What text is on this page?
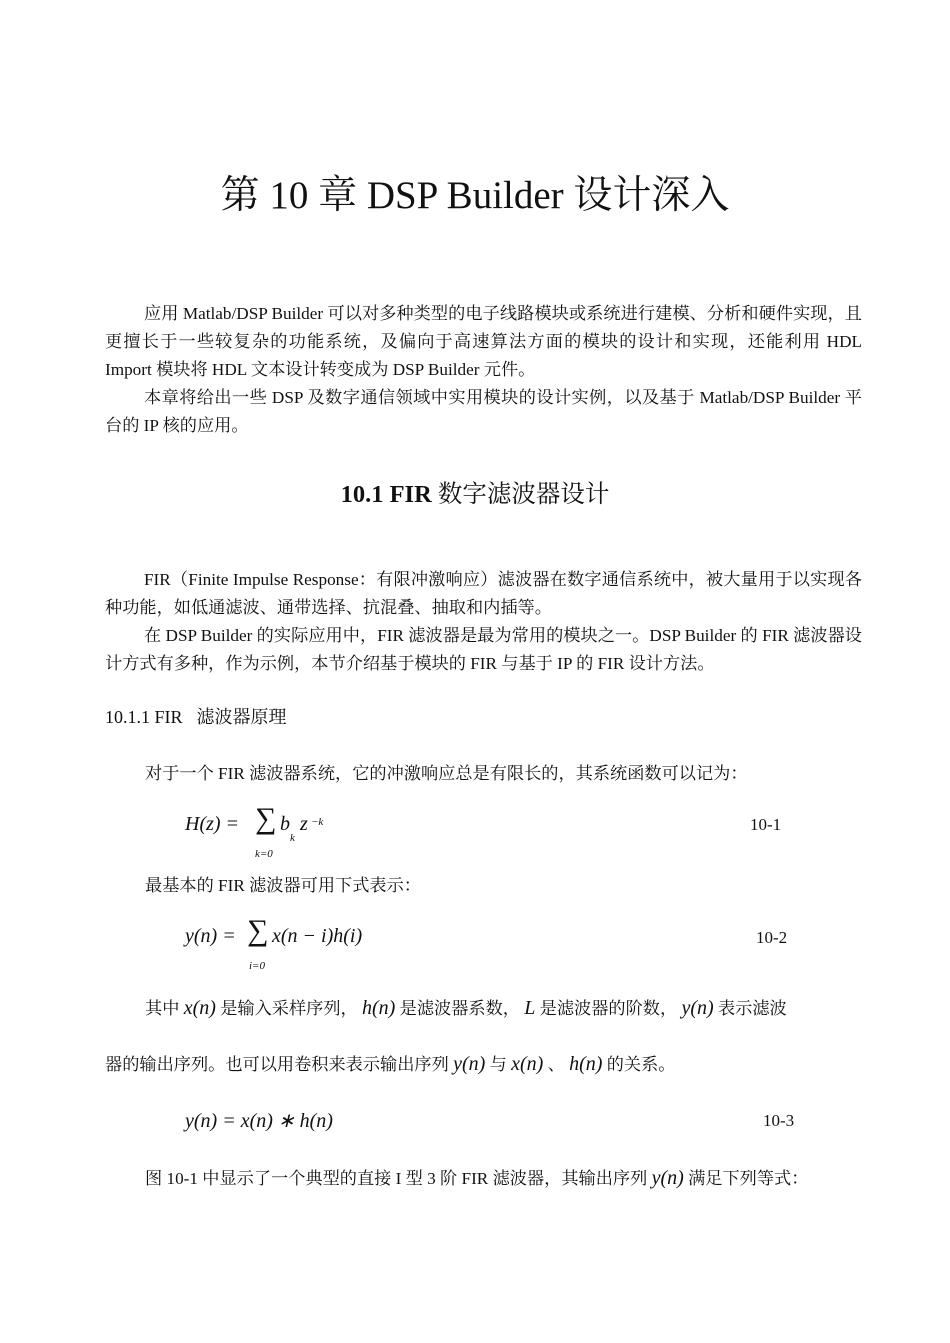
第 10 章 DSP Builder 设计深入

应用 Matlab/DSP Builder 可以对多种类型的电子线路模块或系统进行建模、分析和硬件实现，且更擅长于一些较复杂的功能系统，及偏向于高速算法方面的模块的设计和实现，还能利用 HDL Import 模块将 HDL 文本设计转变成为 DSP Builder 元件。

本章将给出一些 DSP 及数字通信领域中实用模块的设计实例，以及基于 Matlab/DSP Builder 平台的 IP 核的应用。

10.1 FIR 数字滤波器设计

FIR（Finite Impulse Response：有限冲激响应）滤波器在数字通信系统中，被大量用于以实现各种功能，如低通滤波、通带选择、抗混叠、抽取和内插等。

在 DSP Builder 的实际应用中，FIR 滤波器是最为常用的模块之一。DSP Builder 的 FIR 滤波器设计方式有多种，作为示例，本节介绍基于模块的 FIR 与基于 IP 的 FIR 设计方法。

10.1.1 FIR 滤波器原理
对于一个 FIR 滤波器系统，它的冲激响应总是有限长的，其系统函数可以记为：
H(z) = ∑ b
k
z −k
k=0
10-1
最基本的 FIR 滤波器可用下式表示：
y(n) = ∑ x(n − i)h(i)
i=0
10-2
其中 x(n) 是输入采样序列， h(n) 是滤波器系数， L 是滤波器的阶数， y(n) 表示滤波
器的输出序列。也可以用卷积来表示输出序列 y(n) 与 x(n) 、 h(n) 的关系。
y(n) = x(n) ∗ h(n)	10-3
图 10-1 中显示了一个典型的直接 I 型 3 阶 FIR 滤波器，其输出序列 y(n) 满足下列等式：
